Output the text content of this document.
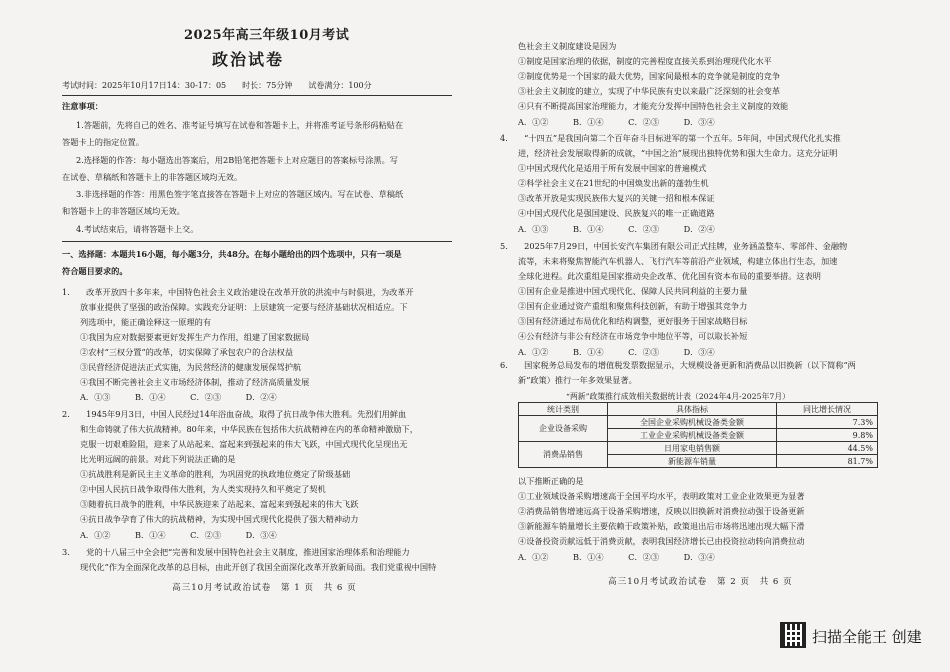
2025年高三年级10月考试
政治试卷
考试时间：2025年10月17日14：30-17：05　　时长：75分钟　　试卷满分：100分
注意事项：
1.答题前，先将自己的姓名、准考证号填写在试卷和答题卡上，并将准考证号条形码粘贴在
答题卡上的指定位置。
2.选择题的作答：每小题选出答案后，用2B铅笔把答题卡上对应题目的答案标号涂黑。写
在试卷、草稿纸和答题卡上的非答题区域均无效。
3.非选择题的作答：用黑色签字笔直接答在答题卡上对应的答题区域内。写在试卷、草稿纸
和答题卡上的非答题区域均无效。
4.考试结束后，请将答题卡上交。
一、选择题：本题共16小题，每小题3分，共48分。在每小题给出的四个选项中，只有一项是
符合题目要求的。
1.　　改革开放四十多年来，中国特色社会主义政治建设在改革开放的洪流中与时俱进，为改革开
放事业提供了坚强的政治保障。实践充分证明：上层建筑一定要与经济基础状况相适应。下
列选项中，能正确诠释这一原理的有
①我国为应对数据要素更好发挥生产力作用，组建了国家数据局
②农村“三权分置”的改革，切实保障了承包农户的合法权益
③民营经济促进法正式实施，为民营经济的健康发展保驾护航
④我国不断完善社会主义市场经济体制，推动了经济高质量发展
A．①③　　　B．①④　　　C．②③　　　D．②④
2.　　1945年9月3日，中国人民经过14年浴血奋战，取得了抗日战争伟大胜利。先烈们用鲜血
和生命铸就了伟大抗战精神。80年来，中华民族在包括伟大抗战精神在内的革命精神激励下，
克服一切艰难险阻，迎来了从站起来、富起来到强起来的伟大飞跃，中国式现代化呈现出无
比光明远阔的前景。对此下列说法正确的是
①抗战胜利是新民主主义革命的胜利，为巩固党的执政地位奠定了阶级基础
②中国人民抗日战争取得伟大胜利，为人类实现持久和平奠定了契机
③随着抗日战争的胜利，中华民族迎来了站起来、富起来到强起来的伟大飞跃
④抗日战争孕育了伟大的抗战精神，为实现中国式现代化提供了强大精神动力
A．①②　　　B．①④　　　C．②③　　　D．③④
3.　　党的十八届三中全会把“完善和发展中国特色社会主义制度，推进国家治理体系和治理能力
现代化”作为全面深化改革的总目标，由此开创了我国全面深化改革开放新局面。我们党重视中国特
高三10月考试政治试卷　第 1 页　共 6 页
色社会主义制度建设是因为
①制度是国家治理的依据，制度的完善程度直接关系到治理现代化水平
②制度优势是一个国家的最大优势，国家间最根本的竞争就是制度的竞争
③社会主义制度的建立，实现了中华民族有史以来最广泛深刻的社会变革
④只有不断提高国家治理能力，才能充分发挥中国特色社会主义制度的效能
A．①②　　　B．①④　　　C．②③　　　D．③④
4.　　“十四五”是我国向第二个百年奋斗目标进军的第一个五年。5年间，中国式现代化扎实推
进，经济社会发展取得新的成就，“中国之治”展现出独特优势和强大生命力。这充分证明
①中国式现代化是适用于所有发展中国家的普遍模式
②科学社会主义在21世纪的中国焕发出新的蓬勃生机
③改革开放是实现民族伟大复兴的关键一招和根本保证
④中国式现代化是强国建设、民族复兴的唯一正确道路
A．①③　　　B．①④　　　C．②③　　　D．②④
5.　　2025年7月29日，中国长安汽车集团有限公司正式挂牌，业务涵盖整车、零部件、金融物
流等，未来将聚焦智能汽车机器人、飞行汽车等前沿产业领域，构建立体出行生态，加速
全球化进程。此次重组是国家推动央企改革、优化国有资本布局的重要举措。这表明
①国有企业是推进中国式现代化、保障人民共同利益的主要力量
②国有企业通过资产重组和聚焦科技创新，有助于增强其竞争力
③国有经济通过布局优化和结构调整，更好服务于国家战略目标
④公有经济与非公有经济在市场竞争中地位平等，可以取长补短
A．①②　　　B．①④　　　C．②③　　　D．③④
6.　　国家税务总局发布的增值税发票数据显示，大规模设备更新和消费品以旧换新（以下简称“两
新”政策）推行一年多效果显著。
“两新”政策推行成效相关数据统计表（2024年4月-2025年7月）
统计类别	具体指标	同比增长情况
企业设备采购	全国企业采购机械设备类金额	7.3%
	工业企业采购机械设备类金额	9.8%
消费品销售	日用家电销售额	44.5%
	新能源车销量	81.7%
以下推断正确的是
①工业领域设备采购增速高于全国平均水平，表明政策对工业企业效果更为显著
②消费品销售增速远高于设备采购增速，反映以旧换新对消费拉动强于设备更新
③新能源车销量增长主要依赖于政策补贴，政策退出后市场将迅速出现大幅下滑
④设备投资贡献远低于消费贡献，表明我国经济增长已由投资拉动转向消费拉动
A．①②　　　B．①④　　　C．②③　　　D．③④
高三10月考试政治试卷　第 2 页　共 6 页
扫描全能王 创建
